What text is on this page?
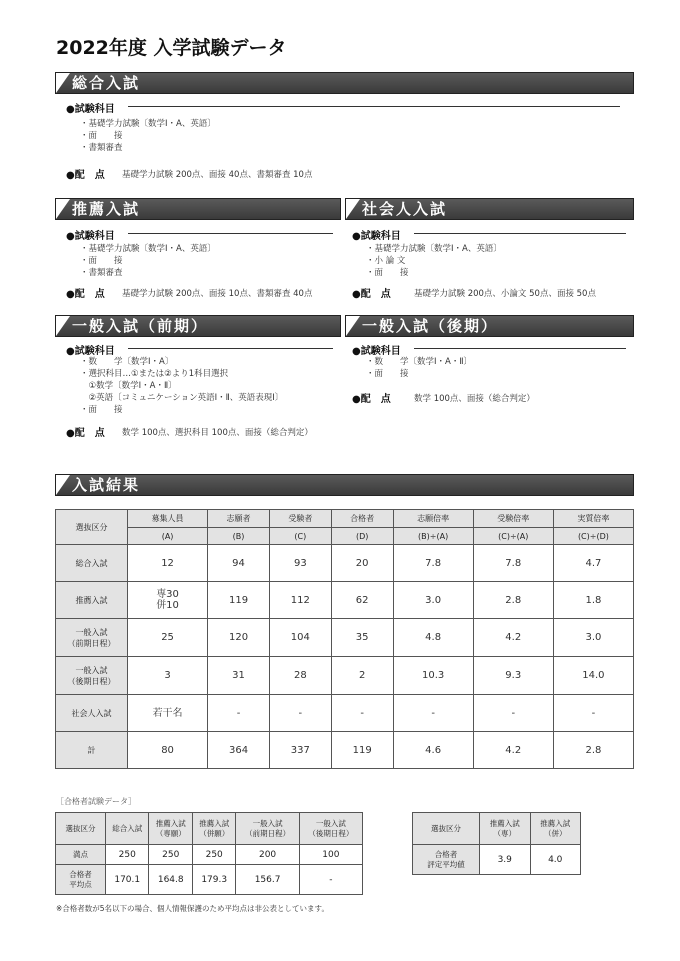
2022年度 入学試験データ
総合入試
●試験科目
・基礎学力試験〔数学Ⅰ・A、英語〕
・面　　接
・書類審査
●配　点 基礎学力試験 200点、面接 40点、書類審査 10点
推薦入試
●試験科目
・基礎学力試験〔数学Ⅰ・A、英語〕
・面　　接
・書類審査
●配　点 基礎学力試験 200点、面接 10点、書類審査 40点
社会人入試
●試験科目
・基礎学力試験〔数学Ⅰ・A、英語〕
・小 論 文
・面　　接
●配　点	基礎学力試験 200点、小論文 50点、面接 50点
一般入試（前期）
●試験科目
・数　　学〔数学Ⅰ・A〕
・選択科目…①または②より1科目選択
　①数学〔数学Ⅰ・A・Ⅱ〕
　②英語〔コミュニケーション英語Ⅰ・Ⅱ、英語表現Ⅰ〕
・面　　接
●配　点 数学 100点、選択科目 100点、面接（総合判定）
一般入試（後期）
●試験科目
・数　　学〔数学Ⅰ・A・Ⅱ〕
・面　　接
●配　点	数学 100点、面接（総合判定）
入試結果
選抜区分	募集人員	志願者	受験者	合格者	志願倍率	受験倍率	実質倍率
	(A)	(B)	(C)	(D)	(B)÷(A)	(C)÷(A)	(C)÷(D)
総合入試	12	94	93	20	7.8	7.8	4.7
推薦入試	専30
併10	119	112	62	3.0	2.8	1.8
一般入試
（前期日程）	25	120	104	35	4.8	4.2	3.0
一般入試
（後期日程）	3	31	28	2	10.3	9.3	14.0
社会人入試	若干名	-	-	-	-	-	-
計	80	364	337	119	4.6	4.2	2.8
［合格者試験データ］
選抜区分	総合入試	推薦入試
（専願）	推薦入試
（併願）	一般入試
（前期日程）	一般入試
（後期日程）
満点	250	250	250	200	100
合格者
平均点	170.1	164.8	179.3	156.7	-
選抜区分	推薦入試
（専）	推薦入試
（併）
合格者
評定平均値	3.9	4.0
※合格者数が5名以下の場合、個人情報保護のため平均点は非公表としています。
